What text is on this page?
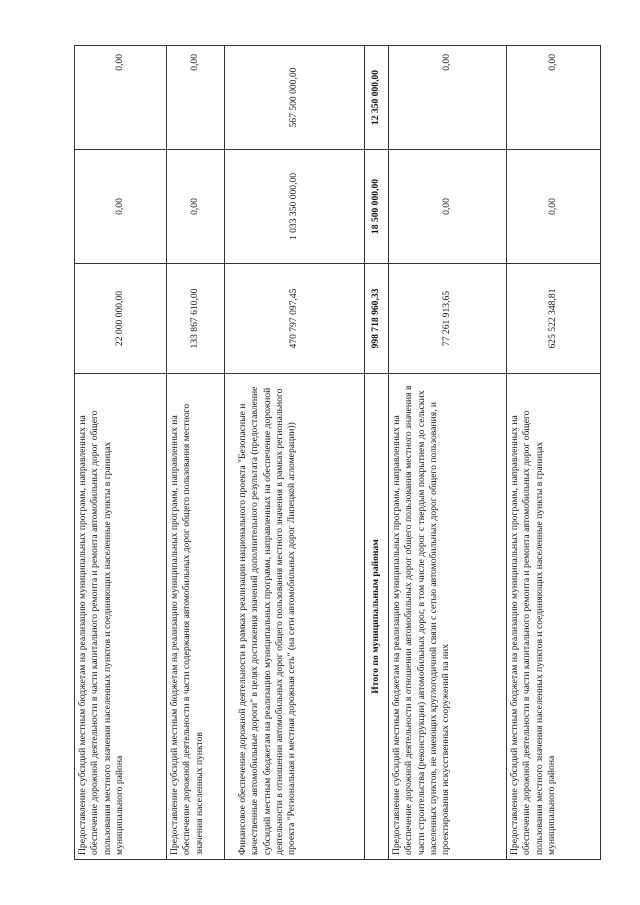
Предоставление субсидий местным бюджетам на реализацию муниципальных программ, направленных на обеспечение дорожной деятельности в части капитального ремонта и ремонта автомобильных дорог общего пользования местного значения населенных пунктов и соединяющих населенные пункты в границах муниципального района	22 000 000,00	0,00	0,00
Предоставление субсидий местным бюджетам на реализацию муниципальных программ, направленных на обеспечение дорожной деятельности в части содержания автомобильных дорог общего пользования местного значения населенных пунктов	133 867 610,00	0,00	0,00
Финансовое обеспечение дорожной деятельности в рамках реализации национального проекта "Безопасные и качественные автомобильные дороги" в целях достижения значений дополнительного результата (предоставление субсидий местным бюджетам на реализацию муниципальных программ, направленных на обеспечение дорожной деятельности в отношении автомобильных дорог общего пользования местного значения в рамках регионального проекта "Региональная и местная дорожная сеть" (на сети автомобильных дорог Липецкой агломерации))	470 797 097,45	1 033 350 000,00	567 500 000,00
Итого по муниципальным районам	998 718 960,33	18 500 000,00	12 350 000,00
Предоставление субсидий местным бюджетам на реализацию муниципальных программ, направленных на обеспечение дорожной деятельности в отношении автомобильных дорог общего пользования местного значения в части строительства (реконструкции) автомобильных дорог, в том числе дорог с твердым покрытием до сельских населенных пунктов, не имеющих круглогодичной связи с сетью автомобильных дорог общего пользования, и проектирования искусственных сооружений на них	77 261 913,65	0,00	0,00
Предоставление субсидий местным бюджетам на реализацию муниципальных программ, направленных на обеспечение дорожной деятельности в части капитального ремонта и ремонта автомобильных дорог общего пользования местного значения населенных пунктов и соединяющих населенные пункты в границах муниципального района	625 522 348,81	0,00	0,00
